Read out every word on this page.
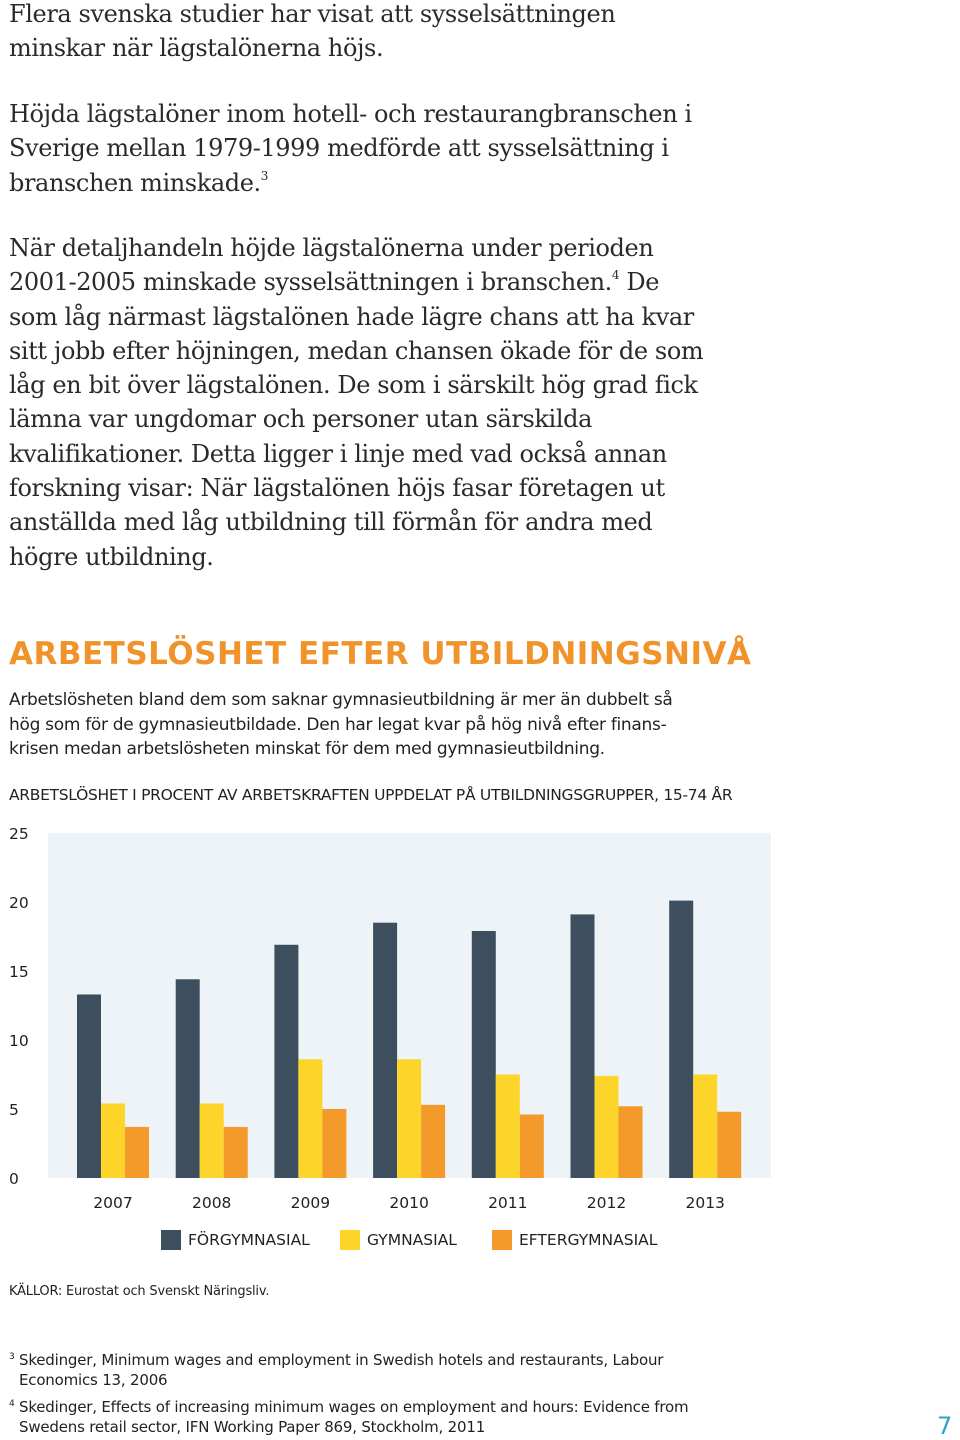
Flera svenska studier har visat att sysselsättningen minskar när lägstalönerna höjs.

Höjda lägstalöner inom hotell- och restaurangbranschen i Sverige mellan 1979-1999 medförde att sysselsättning i branschen minskade.$^3$

När detaljhandeln höjde lägstalönerna under perioden 2001-2005 minskade sysselsättningen i branschen.$^4$ De som låg närmast lägstalönen hade lägre chans att ha kvar sitt jobb efter höjningen, medan chansen ökade för de som låg en bit över lägstalönen. De som i särskilt hög grad fick lämna var ungdomar och personer utan särskilda kvalifikationer. Detta ligger i linje med vad också annan forskning visar: När lägstalönen höjs fasar företagen ut anställda med låg utbildning till förmån för andra med högre utbildning.

ARBETSLÖSHET EFTER UTBILDNINGSNIVÅ

Arbetslösheten bland dem som saknar gymnasieutbildning är mer än dubbelt så hög som för de gymnasieutbildade. Den har legat kvar på hög nivå efter finanskrisen medan arbetslösheten minskat för dem med gymnasieutbildning.

ARBETSLÖSHET I PROCENT AV ARBETSKRAFTEN UPPDELAT PÅ UTBILDNINGSGRUPPER, 15-74 ÅR

0
5
10
15
20
25
2007	2008	2009	2010	2011	2012	2013
FÖRGYMNASIAL	GYMNASIAL	EFTERGYMNASIAL

KÄLLOR: Eurostat och Svenskt Näringsliv.

3 Skedinger, Minimum wages and employment in Swedish hotels and restaurants, Labour Economics 13, 2006
4 Skedinger, Effects of increasing minimum wages on employment and hours: Evidence from Swedens retail sector, IFN Working Paper 869, Stockholm, 2011	7
